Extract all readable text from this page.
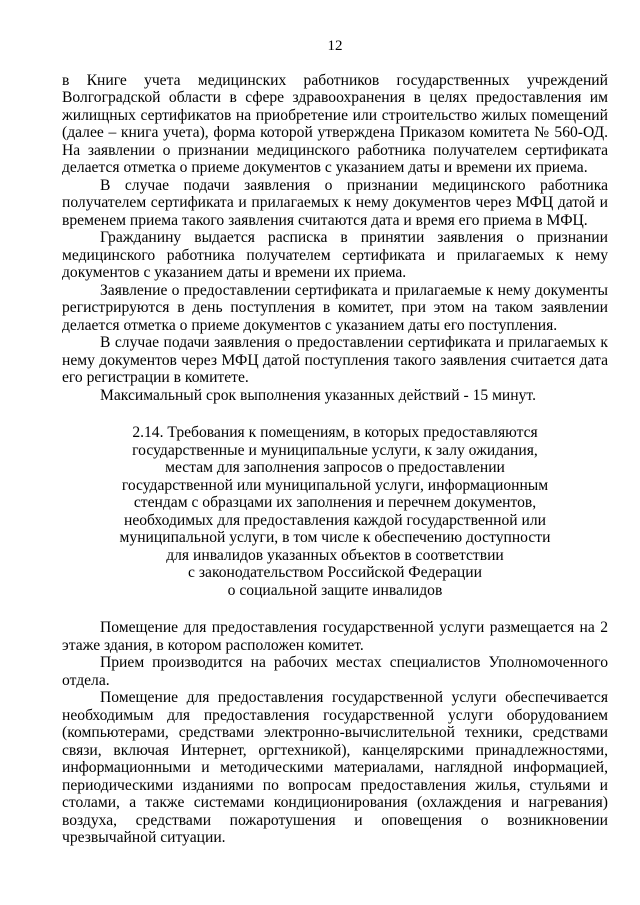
12

в Книге учета медицинских работников государственных учреждений Волгоградской области в сфере здравоохранения в целях предоставления им жилищных сертификатов на приобретение или строительство жилых помещений (далее – книга учета), форма которой утверждена Приказом комитета № 560-ОД. На заявлении о признании медицинского работника получателем сертификата делается отметка о приеме документов с указанием даты и времени их приема.

В случае подачи заявления о признании медицинского работника получателем сертификата и прилагаемых к нему документов через МФЦ датой и временем приема такого заявления считаются дата и время его приема в МФЦ.

Гражданину выдается расписка в принятии заявления о признании медицинского работника получателем сертификата и прилагаемых к нему документов с указанием даты и времени их приема.

Заявление о предоставлении сертификата и прилагаемые к нему документы регистрируются в день поступления в комитет, при этом на таком заявлении делается отметка о приеме документов с указанием даты его поступления.

В случае подачи заявления о предоставлении сертификата и прилагаемых к нему документов через МФЦ датой поступления такого заявления считается дата его регистрации в комитете.

Максимальный срок выполнения указанных действий - 15 минут.

2.14. Требования к помещениям, в которых предоставляются
государственные и муниципальные услуги, к залу ожидания,
местам для заполнения запросов о предоставлении
государственной или муниципальной услуги, информационным
стендам с образцами их заполнения и перечнем документов,
необходимых для предоставления каждой государственной или
муниципальной услуги, в том числе к обеспечению доступности
для инвалидов указанных объектов в соответствии
с законодательством Российской Федерации
о социальной защите инвалидов

Помещение для предоставления государственной услуги размещается на 2 этаже здания, в котором расположен комитет.

Прием производится на рабочих местах специалистов Уполномоченного отдела.

Помещение для предоставления государственной услуги обеспечивается необходимым для предоставления государственной услуги оборудованием (компьютерами, средствами электронно-вычислительной техники, средствами связи, включая Интернет, оргтехникой), канцелярскими принадлежностями, информационными и методическими материалами, наглядной информацией, периодическими изданиями по вопросам предоставления жилья, стульями и столами, а также системами кондиционирования (охлаждения и нагревания) воздуха, средствами пожаротушения и оповещения о возникновении чрезвычайной ситуации.
